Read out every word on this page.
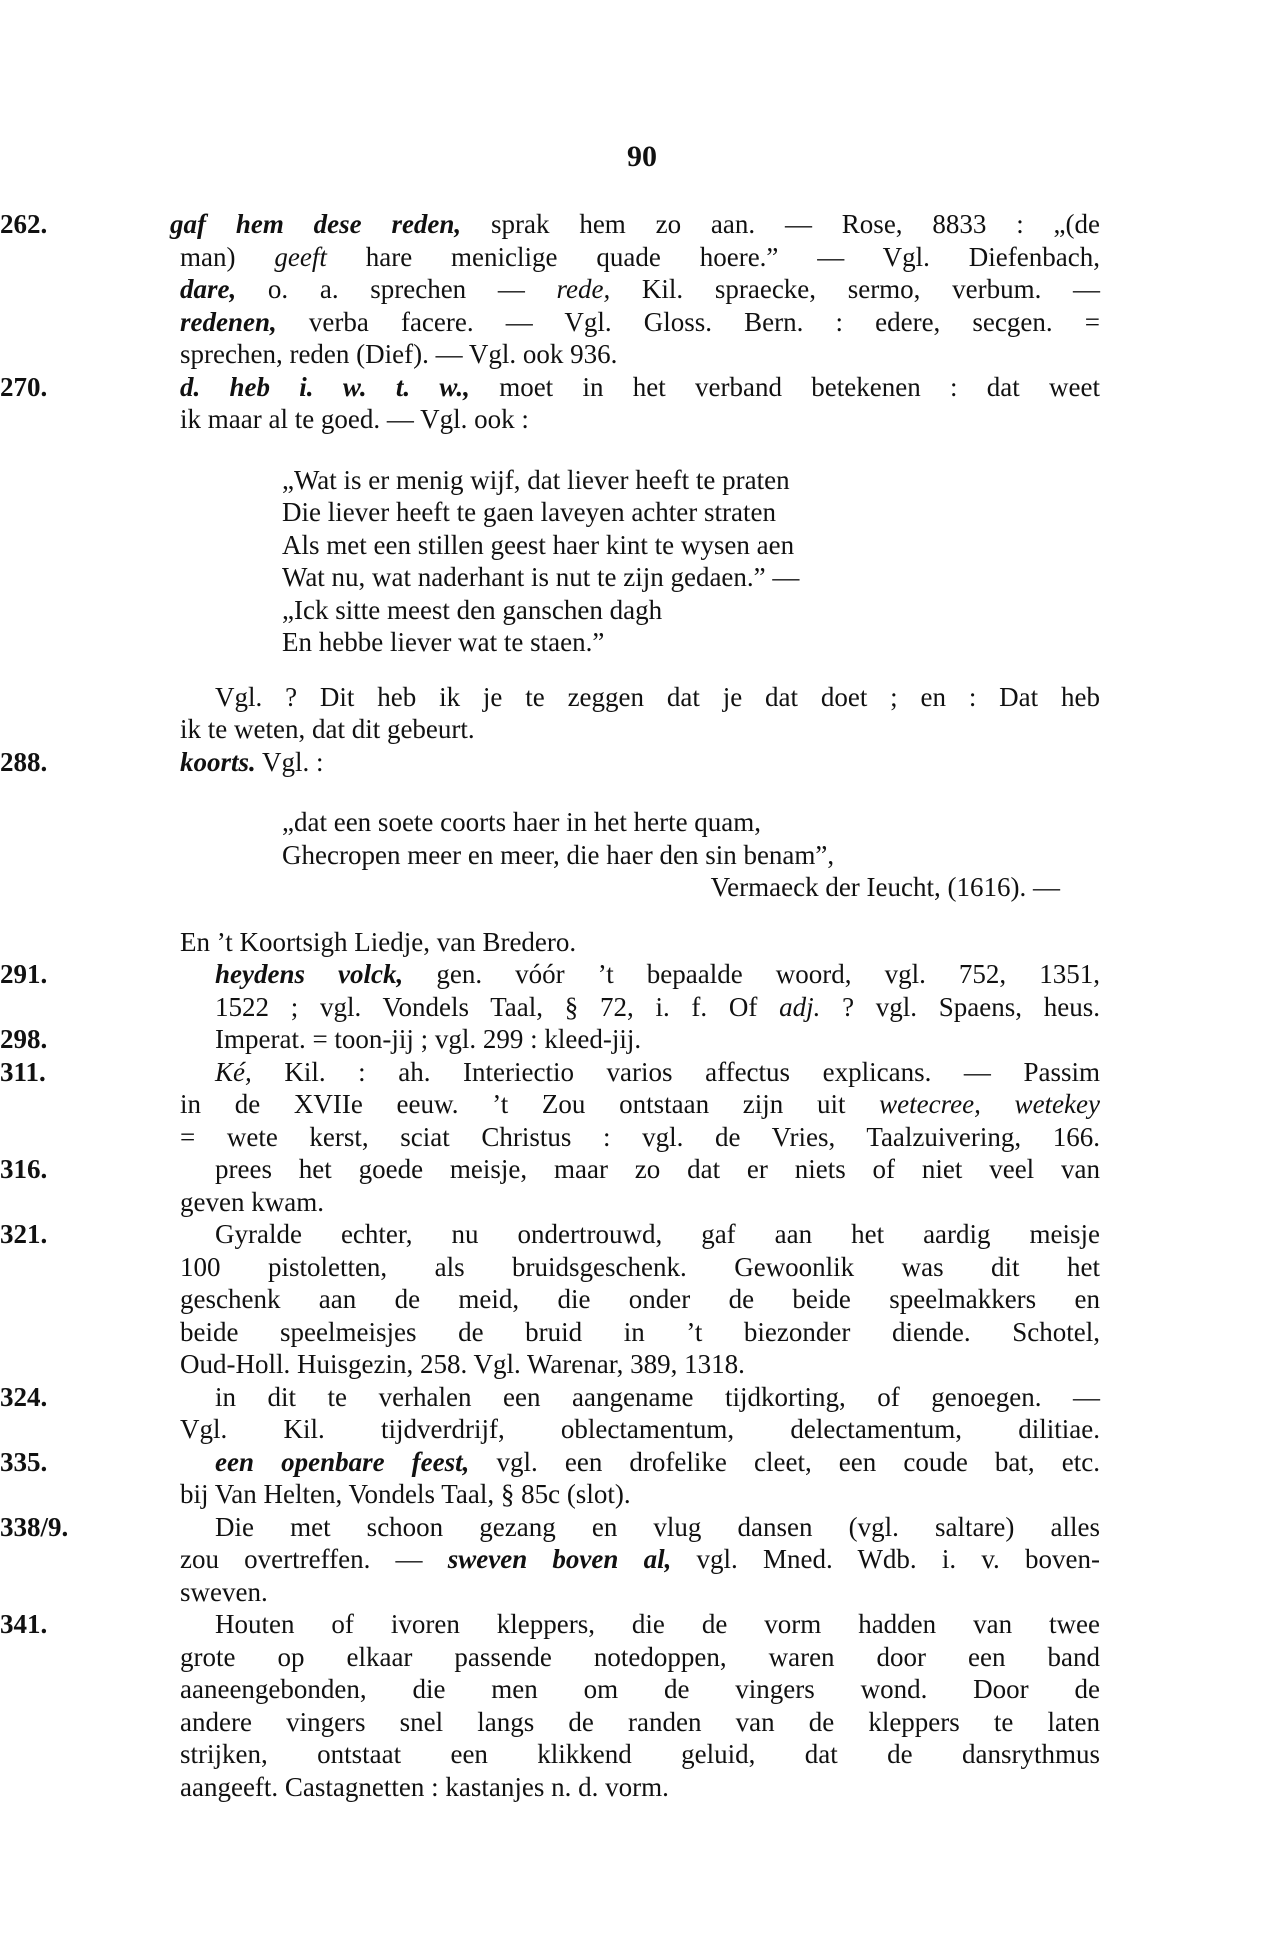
90
262.	gaf hem dese reden, sprak hem zo aan. — Rose, 8833 : „(de
man) geeft hare meniclige quade hoere.” — Vgl. Diefenbach,
dare, o. a. sprechen — rede, Kil. spraecke, sermo, verbum. —
redenen, verba facere. — Vgl. Gloss. Bern. : edere, secgen. =
sprechen, reden (Dief). — Vgl. ook 936.
270.	d. heb i. w. t. w., moet in het verband betekenen : dat weet
ik maar al te goed. — Vgl. ook :
„Wat is er menig wijf, dat liever heeft te praten
Die liever heeft te gaen laveyen achter straten
Als met een stillen geest haer kint te wysen aen
Wat nu, wat naderhant is nut te zijn gedaen.” —
„Ick sitte meest den ganschen dagh
En hebbe liever wat te staen.”
Vgl. ? Dit heb ik je te zeggen dat je dat doet ; en : Dat heb
ik te weten, dat dit gebeurt.
288.	koorts. Vgl. :
„dat een soete coorts haer in het herte quam,
Ghecropen meer en meer, die haer den sin benam”,
Vermaeck der Ieucht, (1616). —
En ’t Koortsigh Liedje, van Bredero.
291.	heydens volck, gen. vóór ’t bepaalde woord, vgl. 752, 1351,
1522 ; vgl. Vondels Taal, § 72, i. f. Of adj. ? vgl. Spaens, heus.
298.	Imperat. = toon-jij ; vgl. 299 : kleed-jij.
311.	Ké, Kil. : ah. Interiectio varios affectus explicans. — Passim
in de XVIIe eeuw. ’t Zou ontstaan zijn uit wetecree, wetekey
= wete kerst, sciat Christus : vgl. de Vries, Taalzuivering, 166.
316.	prees het goede meisje, maar zo dat er niets of niet veel van
geven kwam.
321.	Gyralde echter, nu ondertrouwd, gaf aan het aardig meisje
100 pistoletten, als bruidsgeschenk. Gewoonlik was dit het
geschenk aan de meid, die onder de beide speelmakkers en
beide speelmeisjes de bruid in ’t biezonder diende. Schotel,
Oud-Holl. Huisgezin, 258. Vgl. Warenar, 389, 1318.
324.	in dit te verhalen een aangename tijdkorting, of genoegen. —
Vgl. Kil. tijdverdrijf, oblectamentum, delectamentum, dilitiae.
335.	een openbare feest, vgl. een drofelike cleet, een coude bat, etc.
bij Van Helten, Vondels Taal, § 85c (slot).
338/9.	Die met schoon gezang en vlug dansen (vgl. saltare) alles
zou overtreffen. — sweven boven al, vgl. Mned. Wdb. i. v. boven-
sweven.
341.	Houten of ivoren kleppers, die de vorm hadden van twee
grote op elkaar passende notedoppen, waren door een band
aaneengebonden, die men om de vingers wond. Door de
andere vingers snel langs de randen van de kleppers te laten
strijken, ontstaat een klikkend geluid, dat de dansrythmus
aangeeft. Castagnetten : kastanjes n. d. vorm.
